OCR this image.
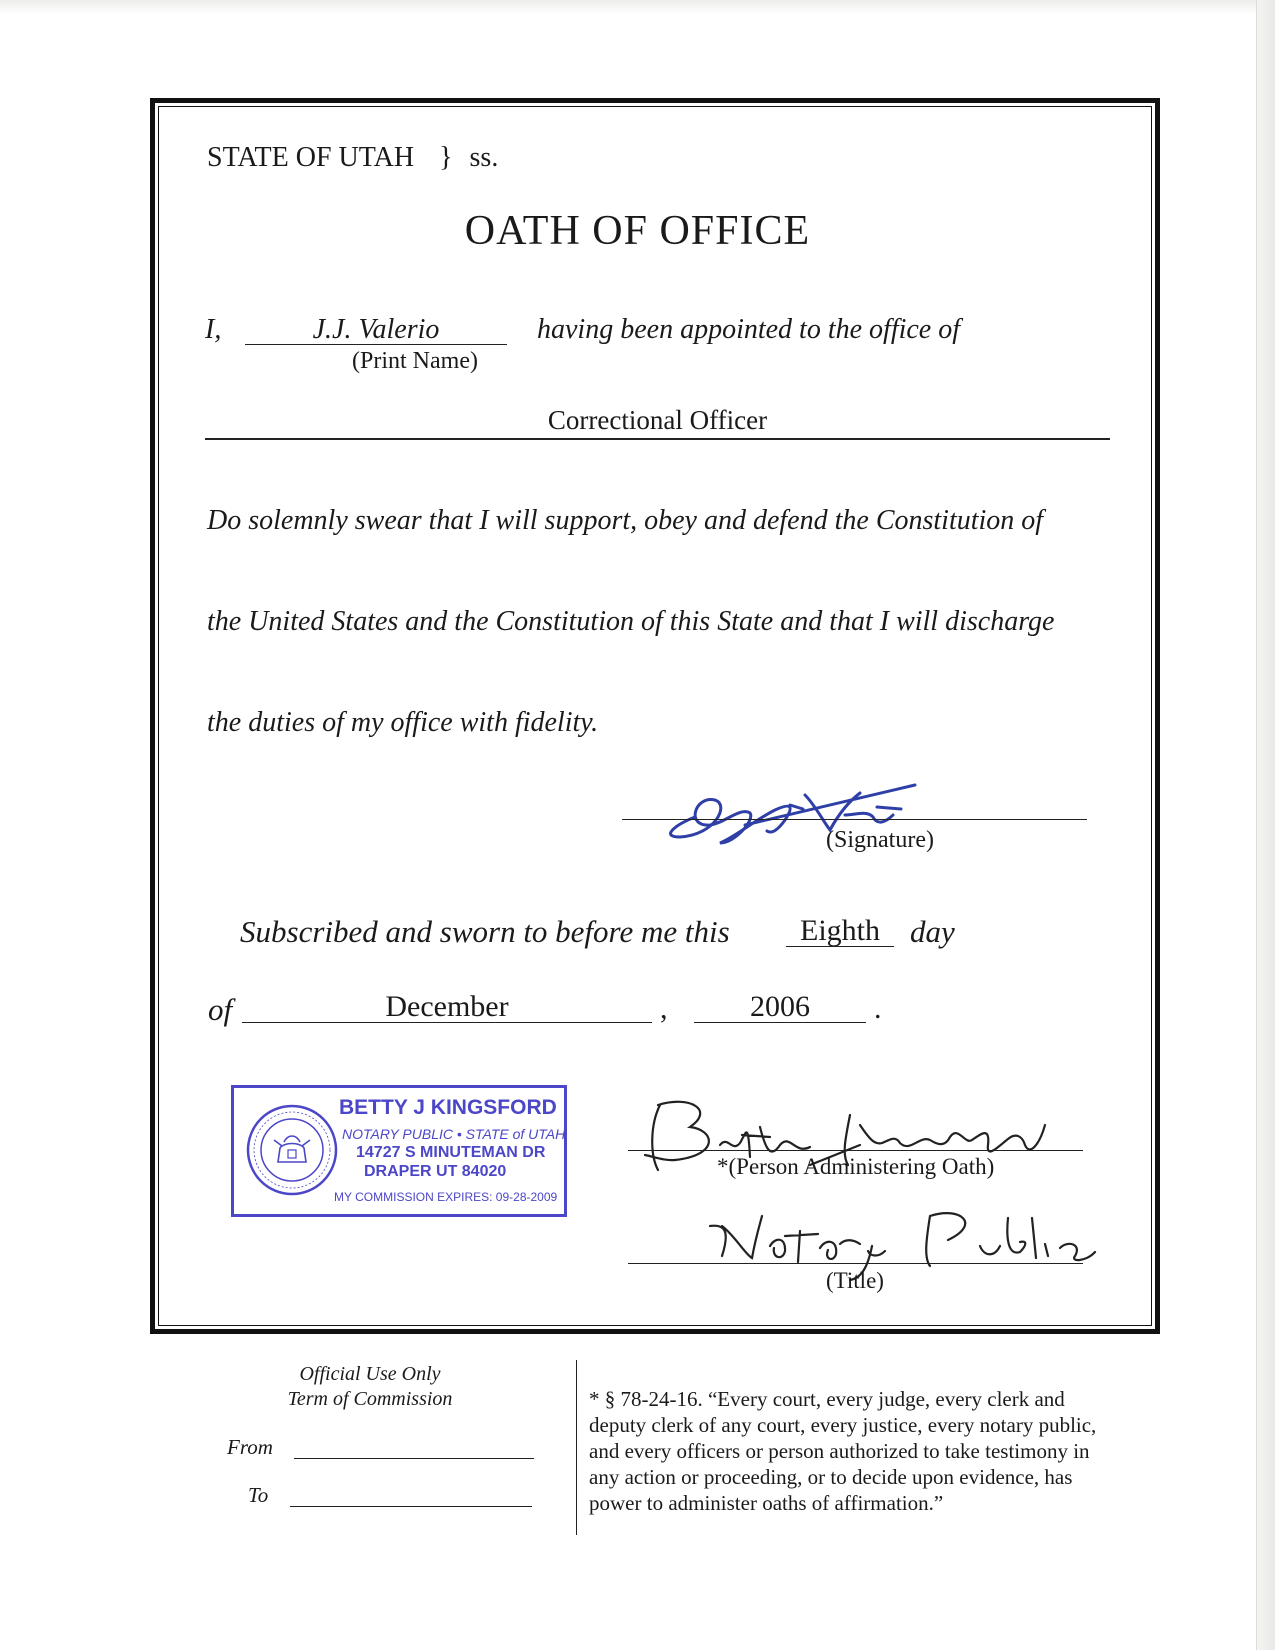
STATE OF UTAH } ss.
OATH OF OFFICE
I,	J.J. Valerio
(Print Name)
having been appointed to the office of
Correctional Officer
Do solemnly swear that I will support, obey and defend the Constitution of
the United States and the Constitution of this State and that I will discharge
the duties of my office with fidelity.
(Signature)
Subscribed and sworn to before me this	Eighth day
of	December	,	2006	.
BETTY J KINGSFORD
NOTARY PUBLIC • STATE of UTAH
14727 S MINUTEMAN DR
DRAPER UT 84020
MY COMMISSION EXPIRES: 09-28-2009
*(Person Administering Oath)
(Title)
Official Use Only
Term of Commission
From
To
* § 78-24-16. “Every court, every judge, every clerk and
deputy clerk of any court, every justice, every notary public,
and every officers or person authorized to take testimony in
any action or proceeding, or to decide upon evidence, has
power to administer oaths of affirmation.”
